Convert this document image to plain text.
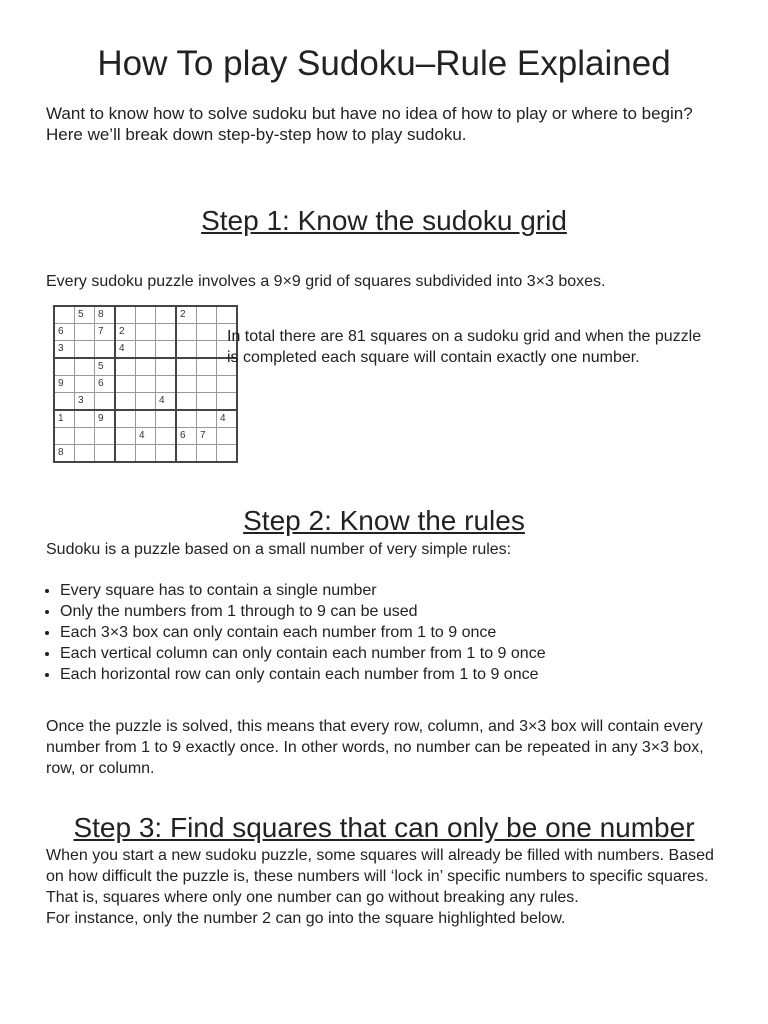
How To play Sudoku–Rule Explained

Want to know how to solve sudoku but have no idea of how to play or where to begin?

Here we’ll break down step-by-step how to play sudoku.

Step 1: Know the sudoku grid

Every sudoku puzzle involves a 9×9 grid of squares subdivided into 3×3 boxes.

	5	8				2		
6		7	2					
3			4					
		5						
9		6						
	3				4			
1		9						4
				4		6	7	
8								

In total there are 81 squares on a sudoku grid and when the puzzle is completed each square will contain exactly one number.

Step 2: Know the rules

Sudoku is a puzzle based on a small number of very simple rules:

• Every square has to contain a single number
• Only the numbers from 1 through to 9 can be used
• Each 3×3 box can only contain each number from 1 to 9 once
• Each vertical column can only contain each number from 1 to 9 once
• Each horizontal row can only contain each number from 1 to 9 once

Once the puzzle is solved, this means that every row, column, and 3×3 box will contain every number from 1 to 9 exactly once. In other words, no number can be repeated in any 3×3 box, row, or column.

Step 3: Find squares that can only be one number

When you start a new sudoku puzzle, some squares will already be filled with numbers. Based on how difficult the puzzle is, these numbers will ‘lock in’ specific numbers to specific squares. That is, squares where only one number can go without breaking any rules.
For instance, only the number 2 can go into the square highlighted below.
